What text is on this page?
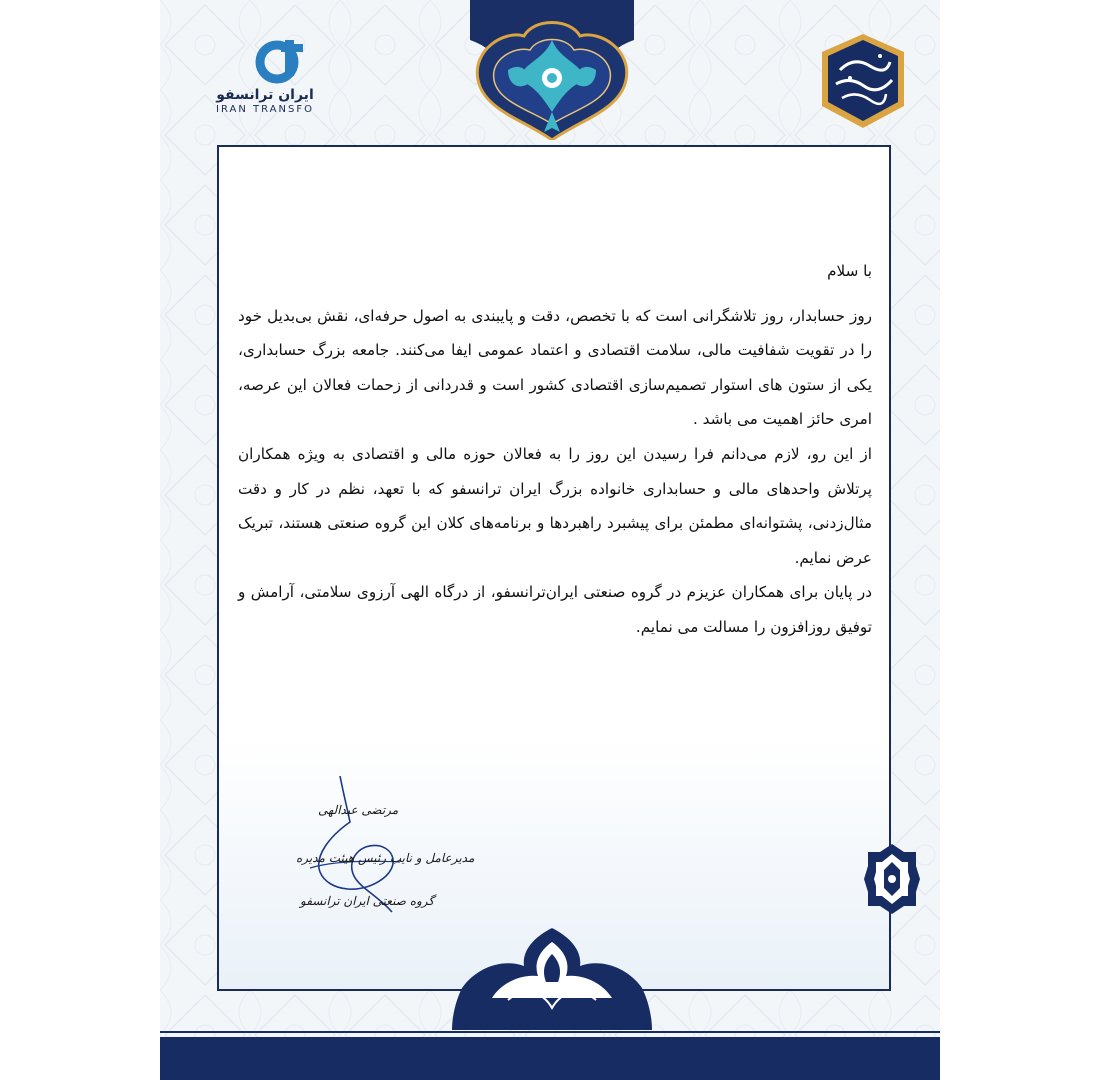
ایران ترانسفو
IRAN TRANSFO

با سلام

روز حسابدار، روز تلاشگرانی است که با تخصص، دقت و پایبندی به اصول حرفه‌ای، نقش بی‌بدیل خود را در تقویت شفافیت مالی، سلامت اقتصادی و اعتماد عمومی ایفا می‌کنند. جامعه بزرگ حسابداری، یکی از ستون های استوار تصمیم‌سازی اقتصادی کشور است و قدردانی از زحمات فعالان این عرصه، امری حائز اهمیت می باشد .

از این رو، لازم می‌دانم فرا رسیدن این روز را به فعالان حوزه مالی و اقتصادی به ویژه همکاران پرتلاش واحدهای مالی و حسابداری خانواده بزرگ ایران ترانسفو که با تعهد، نظم در کار و دقت مثال‌زدنی، پشتوانه‌ای مطمئن برای پیشبرد راهبردها و برنامه‌های کلان این گروه صنعتی هستند، تبریک عرض نمایم.

در پایان برای همکاران عزیزم در گروه صنعتی ایران‌ترانسفو، از درگاه الهی آرزوی سلامتی، آرامش و توفیق روزافزون را مسالت می نمایم.

مرتضی عبدالهی
مدیرعامل و نایب رئیس هیئت مدیره
گروه صنعتی ایران ترانسفو
